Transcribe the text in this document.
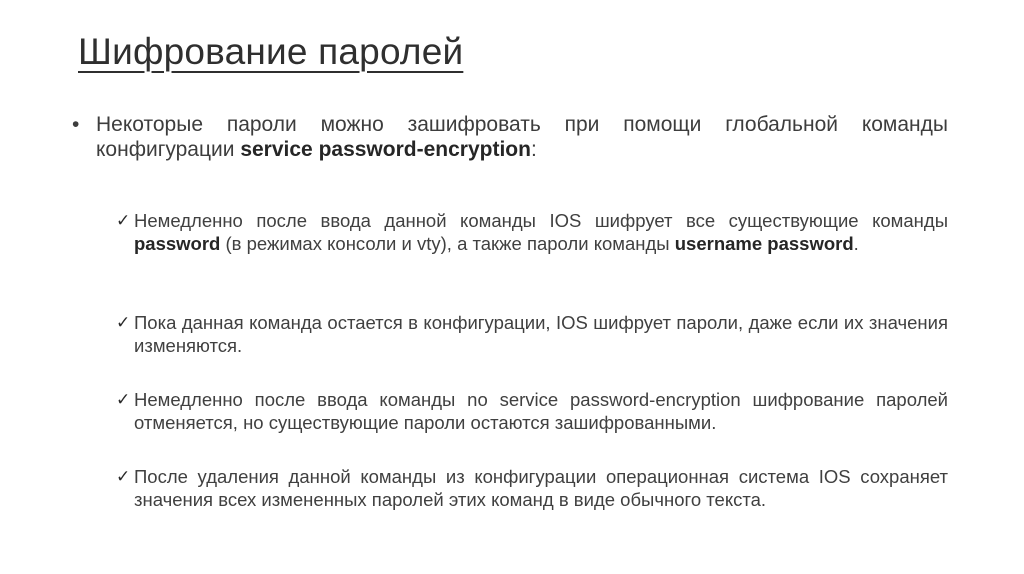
Шифрование паролей
• Некоторые пароли можно зашифровать при помощи глобальной команды конфигурации service password-encryption:
✓ Немедленно после ввода данной команды IOS шифрует все существующие команды password (в режимах консоли и vty), а также пароли команды username password.
✓ Пока данная команда остается в конфигурации, IOS шифрует пароли, даже если их значения изменяются.
✓ Немедленно после ввода команды no service password-encryption шифрование паролей отменяется, но существующие пароли остаются зашифрованными.
✓ После удаления данной команды из конфигурации операционная система IOS сохраняет значения всех измененных паролей этих команд в виде обычного текста.
